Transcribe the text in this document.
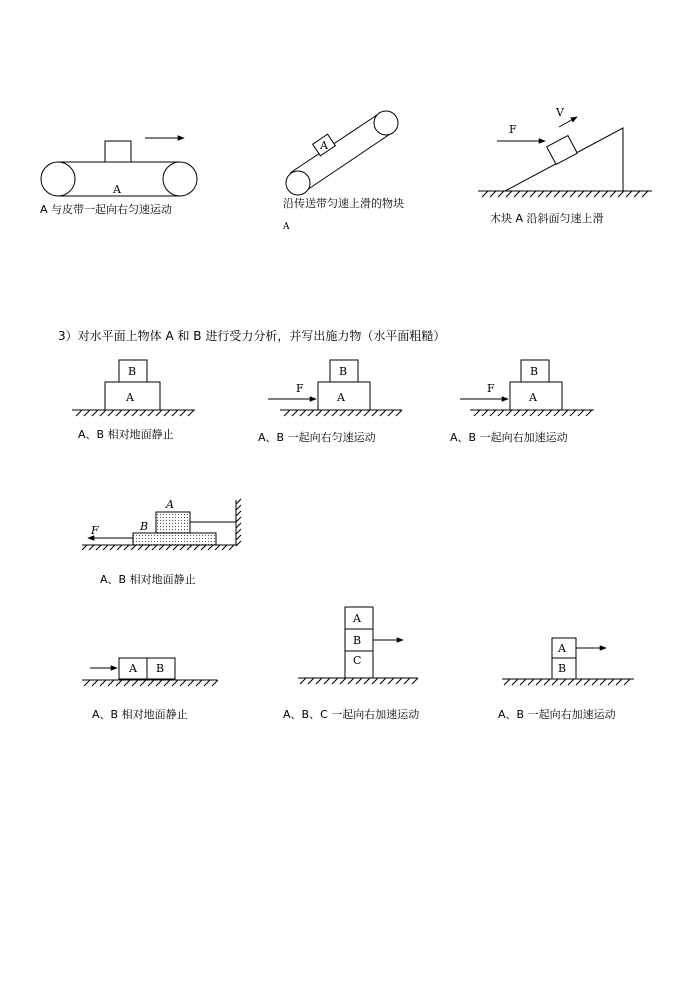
A
A 与皮带一起向右匀速运动
A
沿传送带匀速上滑的物块
A
F
V
木块 A 沿斜面匀速上滑
3）对水平面上物体 A 和 B 进行受力分析，并写出施力物（水平面粗糙）
B
A
A、B 相对地面静止
B
A
F
A、B 一起向右匀速运动
B
A
F
A、B 一起向右加速运动
A
B
F
A、B 相对地面静止
A B
A、B 相对地面静止
A
B
C
A、B、C 一起向右加速运动
A
B
A、B 一起向右加速运动
